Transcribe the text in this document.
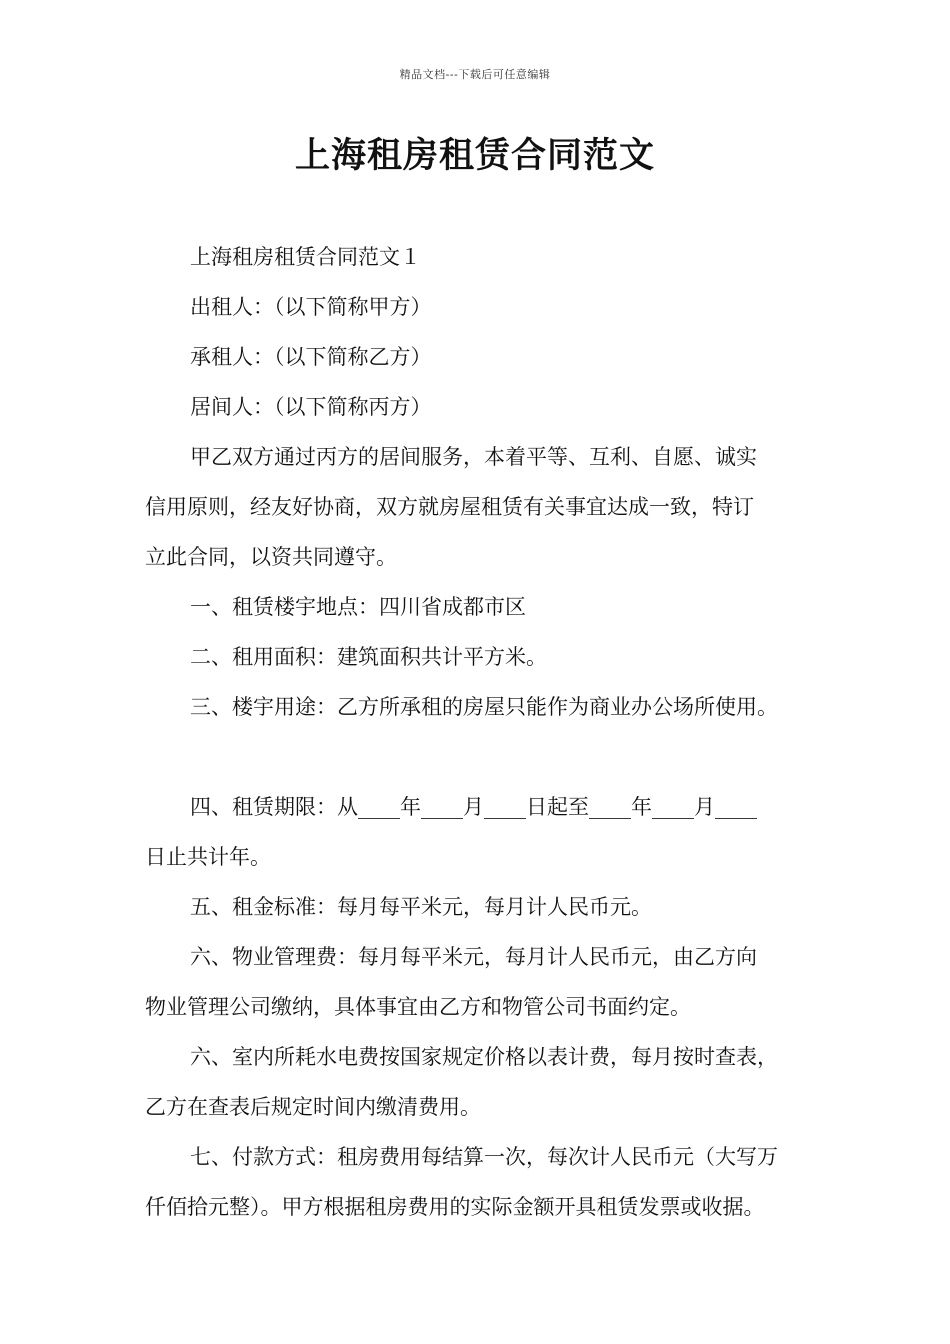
精品文档---下载后可任意编辑
上海租房租赁合同范文

上海租房租赁合同范文１

出租人：（以下简称甲方）

承租人：（以下简称乙方）

居间人：（以下简称丙方）

甲乙双方通过丙方的居间服务，本着平等、互利、自愿、诚实

信用原则，经友好协商，双方就房屋租赁有关事宜达成一致，特订

立此合同，以资共同遵守。

一、租赁楼宇地点：四川省成都市区

二、租用面积：建筑面积共计平方米。

三、楼宇用途：乙方所承租的房屋只能作为商业办公场所使用。

四、租赁期限：从____年____月____日起至____年____月____

日止共计年。

五、租金标准：每月每平米元，每月计人民币元。

六、物业管理费：每月每平米元，每月计人民币元，由乙方向

物业管理公司缴纳，具体事宜由乙方和物管公司书面约定。

六、室内所耗水电费按国家规定价格以表计费，每月按时查表，

乙方在查表后规定时间内缴清费用。

七、付款方式：租房费用每结算一次，每次计人民币元（大写万

仟佰拾元整）。甲方根据租房费用的实际金额开具租赁发票或收据。
